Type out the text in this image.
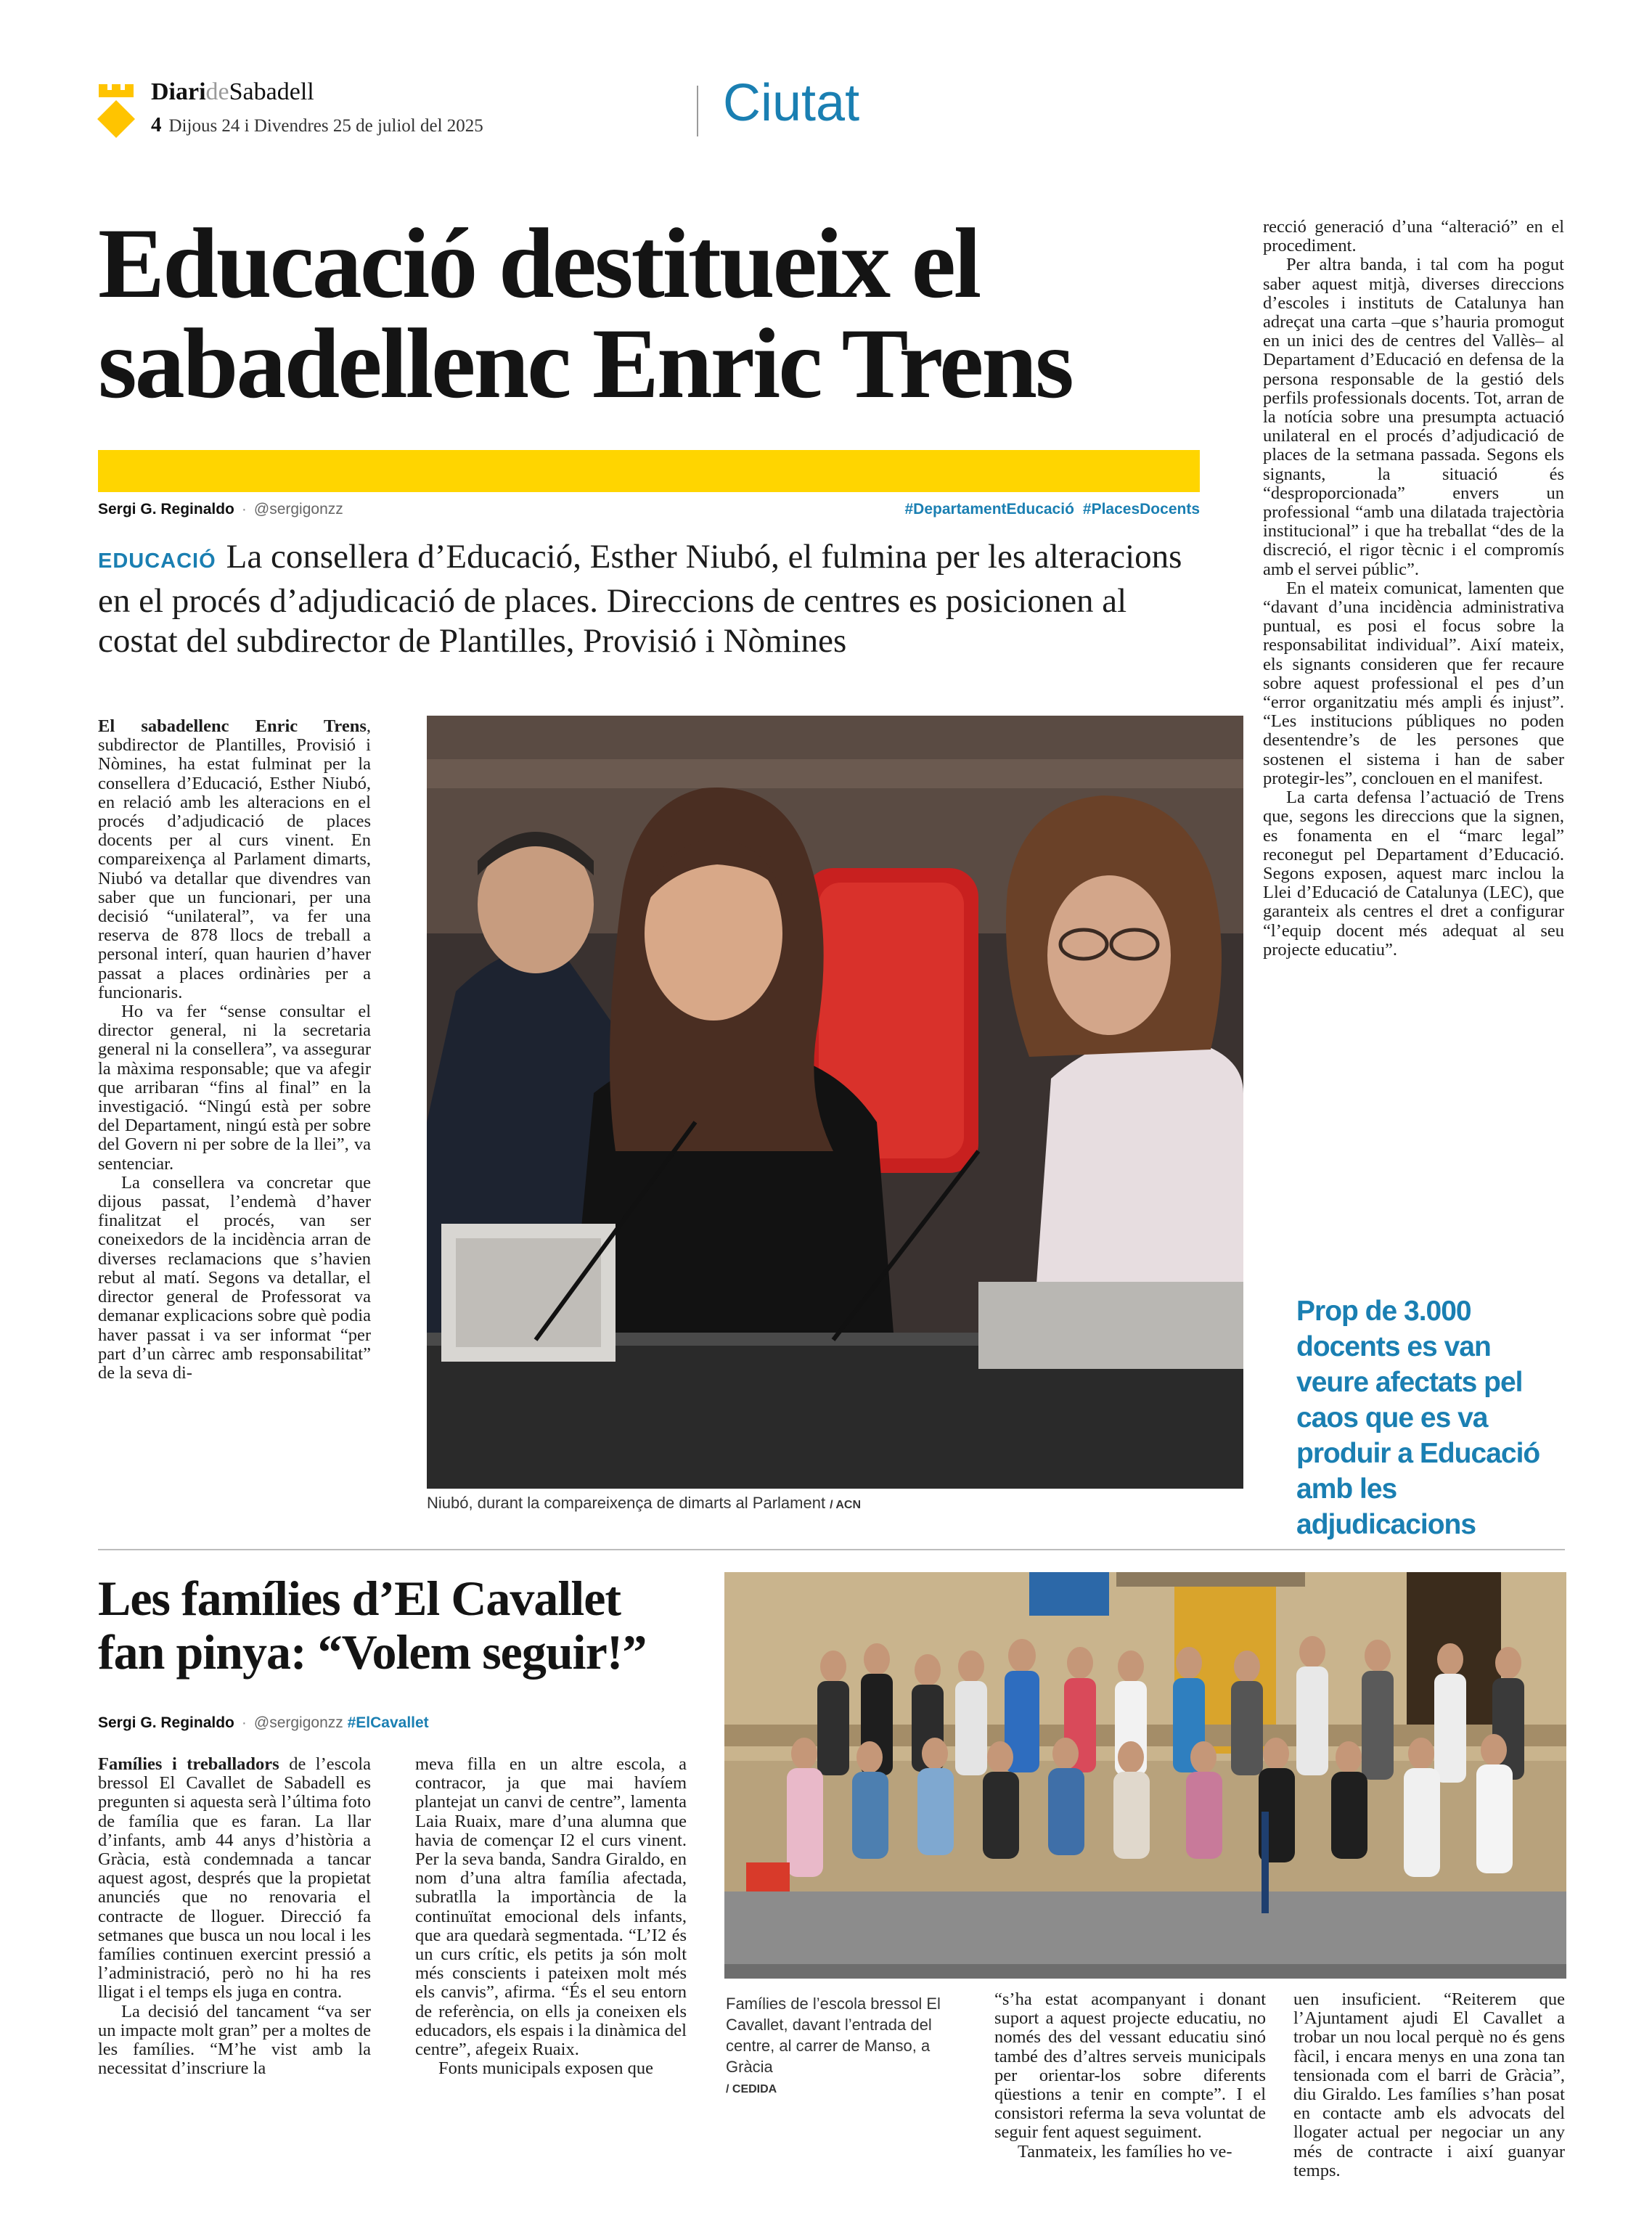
DiarideSabadell
4 Dijous 24 i Divendres 25 de juliol del 2025	Ciutat
Educació destitueix el sabadellenc Enric Trens
Sergi G. Reginaldo · @sergigonzz	#DepartamentEducació #PlacesDocents
EDUCACIÓ La consellera d’Educació, Esther Niubó, el fulmina per les alteracions en el procés d’adjudicació de places. Direccions de centres es posicionen al costat del subdirector de Plantilles, Provisió i Nòmines

El sabadellenc Enric Trens, subdirector de Plantilles, Provisió i Nòmines, ha estat fulminat per la consellera d’Educació, Esther Niubó, en relació amb les alteracions en el procés d’adjudicació de places docents per al curs vinent. En compareixença al Parlament dimarts, Niubó va detallar que divendres van saber que un funcionari, per una decisió “unilateral”, va fer una reserva de 878 llocs de treball a personal interí, quan haurien d’haver passat a places ordinàries per a funcionaris.

Ho va fer “sense consultar el director general, ni la secretaria general ni la consellera”, va assegurar la màxima responsable; que va afegir que arribaran “fins al final” en la investigació. “Ningú està per sobre del Departament, ningú està per sobre del Govern ni per sobre de la llei”, va sentenciar.

La consellera va concretar que dijous passat, l’endemà d’haver finalitzat el procés, van ser coneixedors de la incidència arran de diverses reclamacions que s’havien rebut al matí. Segons va detallar, el director general de Professorat va demanar explicacions sobre què podia haver passat i va ser informat “per part d’un càrrec amb responsabilitat” de la seva di-

Niubó, durant la compareixença de dimarts al Parlament / ACN

recció generació d’una “alteració” en el procediment.

Per altra banda, i tal com ha pogut saber aquest mitjà, diverses direccions d’escoles i instituts de Catalunya han adreçat una carta –que s’hauria promogut en un inici des de centres del Vallès– al Departament d’Educació en defensa de la persona responsable de la gestió dels perfils professionals docents. Tot, arran de la notícia sobre una presumpta actuació unilateral en el procés d’adjudicació de places de la setmana passada. Segons els signants, la situació és “desproporcionada” envers un professional “amb una dilatada trajectòria institucional” i que ha treballat “des de la discreció, el rigor tècnic i el compromís amb el servei públic”.

En el mateix comunicat, lamenten que “davant d’una incidència administrativa puntual, es posi el focus sobre la responsabilitat individual”. Així mateix, els signants consideren que fer recaure sobre aquest professional el pes d’un “error organitzatiu més ampli és injust”. “Les institucions públiques no poden desentendre’s de les persones que sostenen el sistema i han de saber protegir-les”, conclouen en el manifest.

La carta defensa l’actuació de Trens que, segons les direccions que la signen, es fonamenta en el “marc legal” reconegut pel Departament d’Educació. Segons exposen, aquest marc inclou la Llei d’Educació de Catalunya (LEC), que garanteix als centres el dret a configurar “l’equip docent més adequat al seu projecte educatiu”.

Prop de 3.000 docents es van veure afectats pel caos que es va produir a Educació amb les adjudicacions
Les famílies d’El Cavallet fan pinya: “Volem seguir!”
Sergi G. Reginaldo · @sergigonzz #ElCavallet

Famílies i treballadors de l’escola bressol El Cavallet de Sabadell es pregunten si aquesta serà l’última foto de família que es faran. La llar d’infants, amb 44 anys d’història a Gràcia, està condemnada a tancar aquest agost, després que la propietat anunciés que no renovaria el contracte de lloguer. Direcció fa setmanes que busca un nou local i les famílies continuen exercint pressió a l’administració, però no hi ha res lligat i el temps els juga en contra.

La decisió del tancament “va ser un impacte molt gran” per a moltes de les famílies. “M’he vist amb la necessitat d’inscriure la

meva filla en un altre escola, a contracor, ja que mai havíem plantejat un canvi de centre”, lamenta Laia Ruaix, mare d’una alumna que havia de començar I2 el curs vinent. Per la seva banda, Sandra Giraldo, en nom d’una altra família afectada, subratlla la importància de la continuïtat emocional dels infants, que ara quedarà segmentada. “L’I2 és un curs crític, els petits ja són molt més conscients i pateixen molt més els canvis”, afirma. “És el seu entorn de referència, on ells ja coneixen els educadors, els espais i la dinàmica del centre”, afegeix Ruaix.

Fonts municipals exposen que

Famílies de l’escola bressol El Cavallet, davant l’entrada del centre, al carrer de Manso, a Gràcia
/ CEDIDA

“s’ha estat acompanyant i donant suport a aquest projecte educatiu, no només des del vessant educatiu sinó també des d’altres serveis municipals per orientar-los sobre diferents qüestions a tenir en compte”. I el consistori referma la seva voluntat de seguir fent aquest seguiment.

Tanmateix, les famílies ho ve-

uen insuficient. “Reiterem que l’Ajuntament ajudi El Cavallet a trobar un nou local perquè no és gens fàcil, i encara menys en una zona tan tensionada com el barri de Gràcia”, diu Giraldo. Les famílies s’han posat en contacte amb els advocats del llogater actual per negociar un any més de contracte i així guanyar temps.
